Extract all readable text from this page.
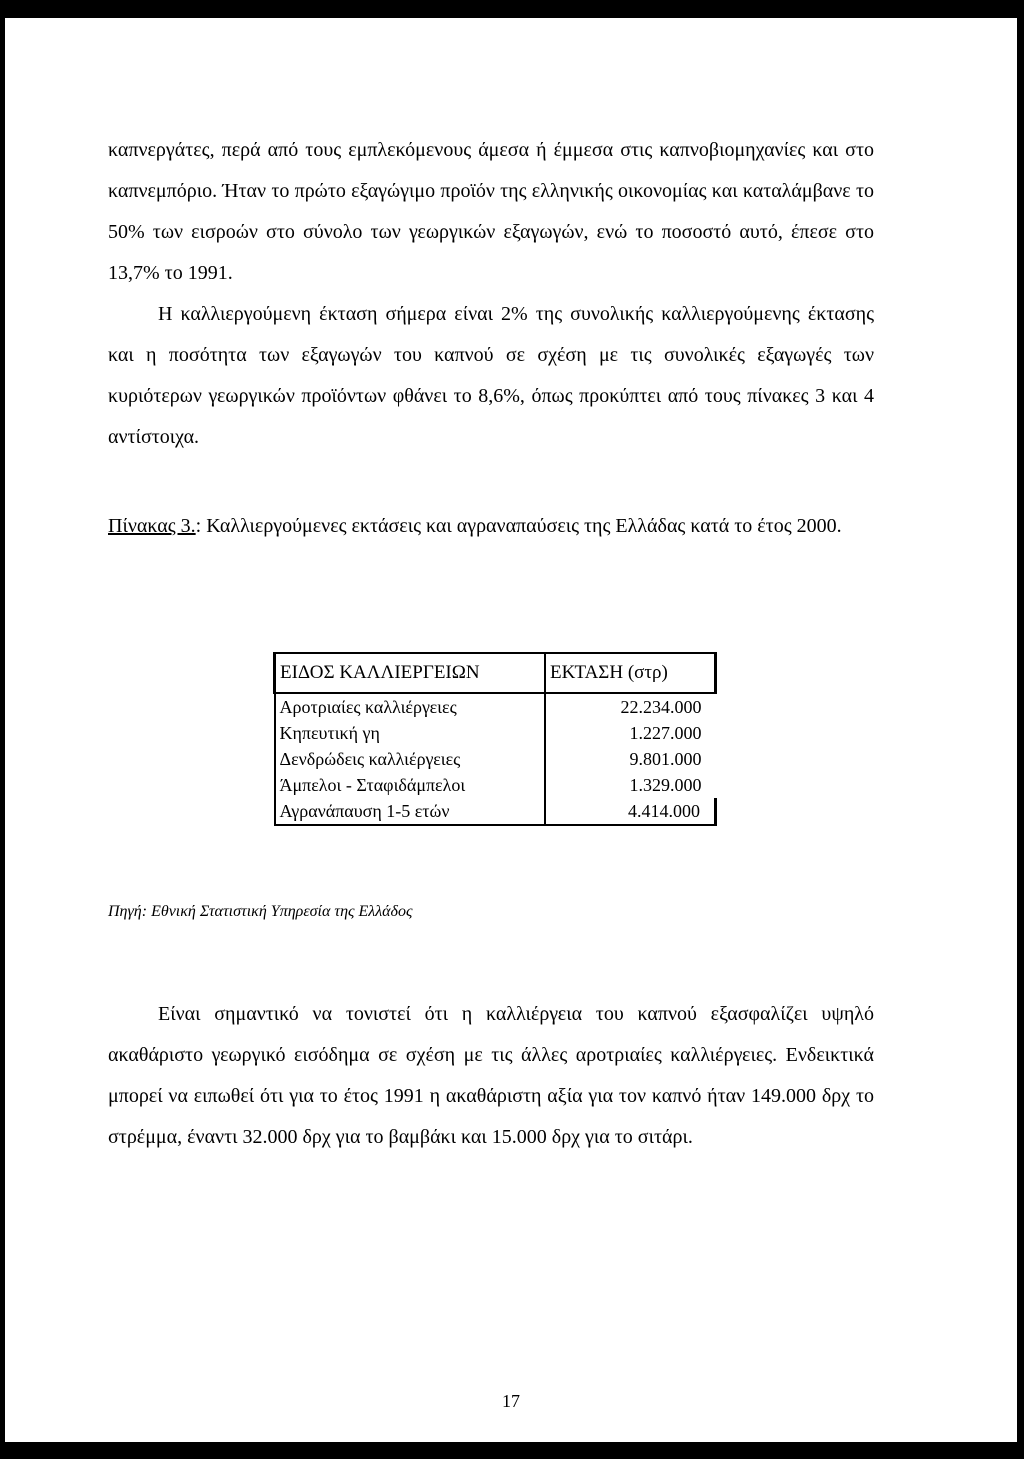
καπνεργάτες, περά από τους εμπλεκόμενους άμεσα ή έμμεσα στις καπνοβιομηχανίες και στο καπνεμπόριο. Ήταν το πρώτο εξαγώγιμο προϊόν της ελληνικής οικονομίας και καταλάμβανε το 50% των εισροών στο σύνολο των γεωργικών εξαγωγών, ενώ το ποσοστό αυτό, έπεσε στο 13,7% το 1991.

Η καλλιεργούμενη έκταση σήμερα είναι 2% της συνολικής καλλιεργούμενης έκτασης και η ποσότητα των εξαγωγών του καπνού σε σχέση με τις συνολικές εξαγωγές των κυριότερων γεωργικών προϊόντων φθάνει το 8,6%, όπως προκύπτει από τους πίνακες 3 και 4 αντίστοιχα.

Πίνακας 3.: Καλλιεργούμενες εκτάσεις και αγραναπαύσεις της Ελλάδας κατά το έτος 2000.
ΕΙΔΟΣ ΚΑΛΛΙΕΡΓΕΙΩΝ	ΕΚΤΑΣΗ (στρ)
Αροτριαίες καλλιέργειες	22.234.000
Κηπευτική γη	1.227.000
Δενδρώδεις καλλιέργειες	9.801.000
Άμπελοι - Σταφιδάμπελοι	1.329.000
Αγρανάπαυση 1-5 ετών	4.414.000
Πηγή: Εθνική Στατιστική Υπηρεσία της Ελλάδος

Είναι σημαντικό να τονιστεί ότι η καλλιέργεια του καπνού εξασφαλίζει υψηλό ακαθάριστο γεωργικό εισόδημα σε σχέση με τις άλλες αροτριαίες καλλιέργειες. Ενδεικτικά μπορεί να ειπωθεί ότι για το έτος 1991 η ακαθάριστη αξία για τον καπνό ήταν 149.000 δρχ το στρέμμα, έναντι 32.000 δρχ για το βαμβάκι και 15.000 δρχ για το σιτάρι.

17
